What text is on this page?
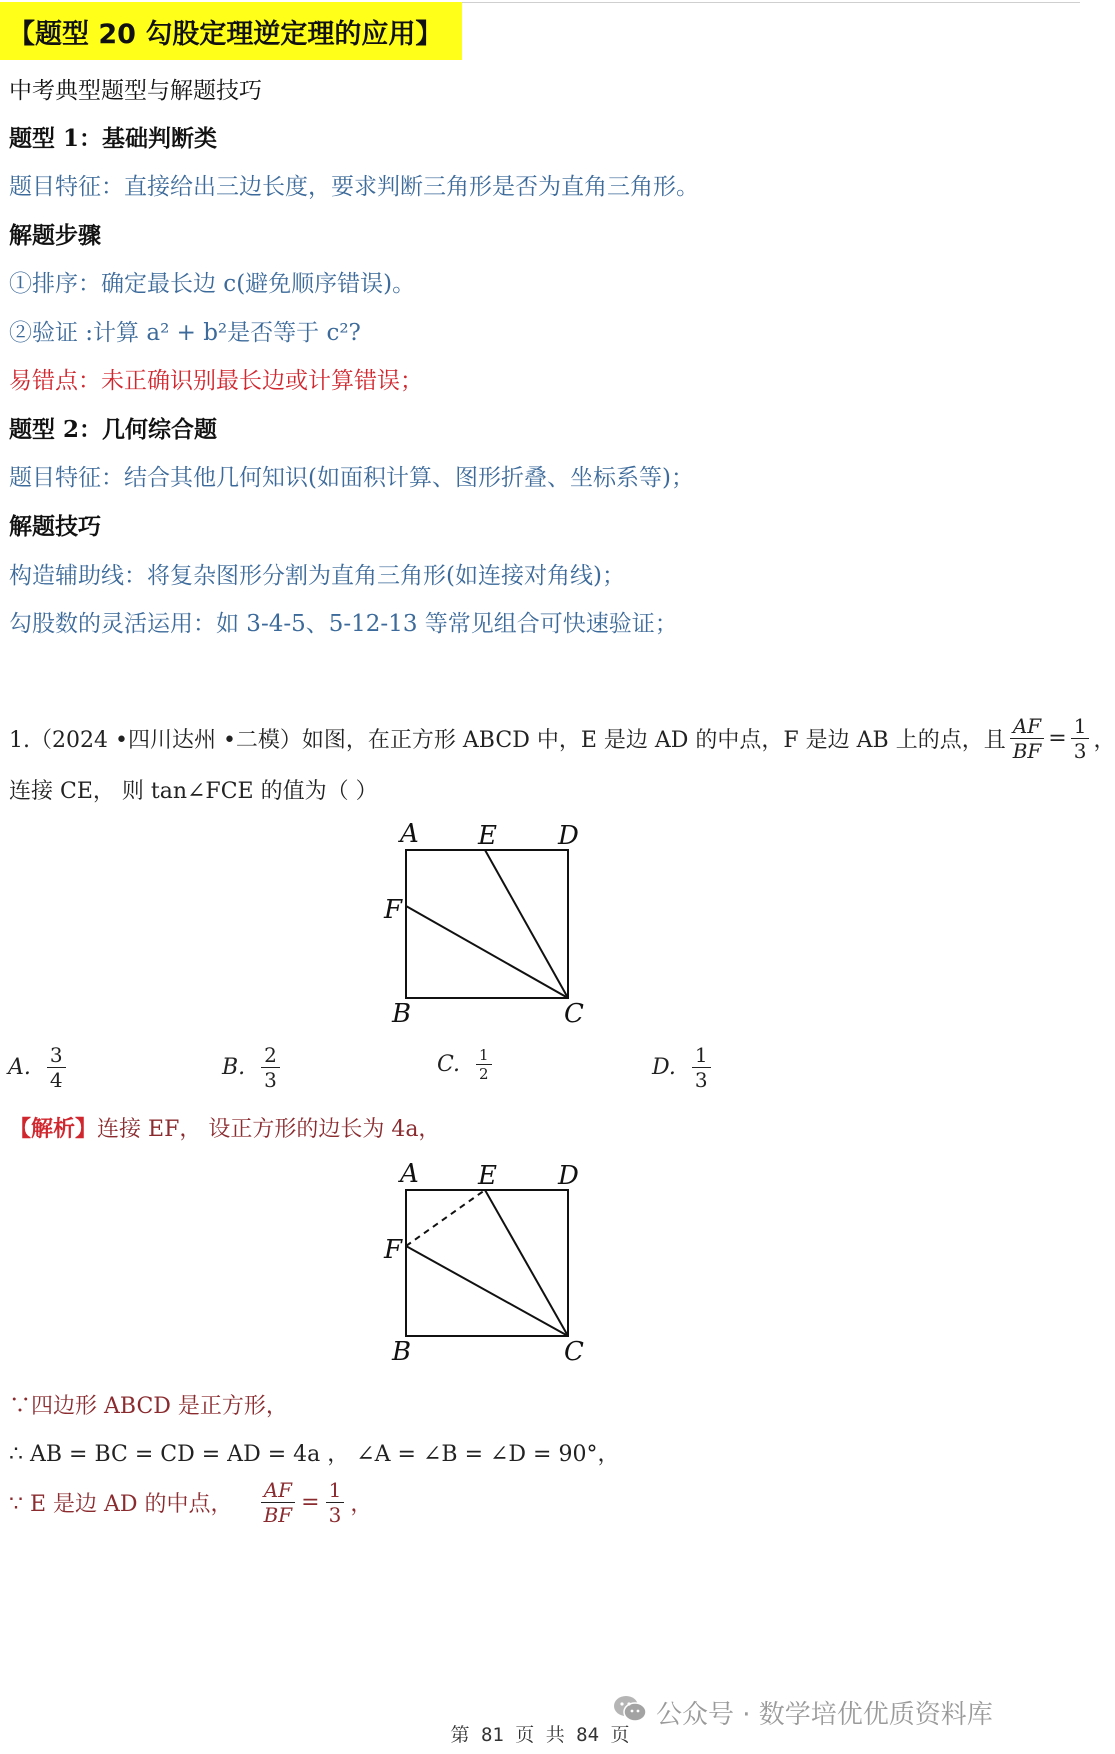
【题型 20 勾股定理逆定理的应用】
中考典型题型与解题技巧
题型 1：基础判断类
题目特征：直接给出三边长度，要求判断三角形是否为直角三角形。
解题步骤
①排序：确定最长边 c(避免顺序错误)。
②验证 :计算 a² + b²是否等于 c²?
易错点：未正确识别最长边或计算错误；
题型 2：几何综合题
题目特征：结合其他几何知识(如面积计算、图形折叠、坐标系等)；
解题技巧
构造辅助线：将复杂图形分割为直角三角形(如连接对角线)；
勾股数的灵活运用：如 3-4-5、5-12-13 等常见组合可快速验证；
1.（2024 •四川达州 •二模）如图，在正方形 ABCD 中，E 是边 AD 的中点，F 是边 AB 上的点，且 $\frac{AF}{BF} = \frac{1}{3}$ ，
连接 CE， 则 tan∠FCE 的值为（ ）
A E D
F
B	C
A. $\frac{3}{4}$	B. $\frac{2}{3}$	C. $\frac{1}{2}$	D. $\frac{1}{3}$
【解析】连接 EF， 设正方形的边长为 4a，
A E D
F
B	C
∵四边形 ABCD 是正方形，
∴ AB = BC = CD = AD = 4a ， ∠A = ∠B = ∠D = 90°，
∵ E 是边 AD 的中点， $\frac{AF}{BF} = \frac{1}{3}$ ，
公众号 · 数学培优优质资料库
第 81 页 共 84 页
